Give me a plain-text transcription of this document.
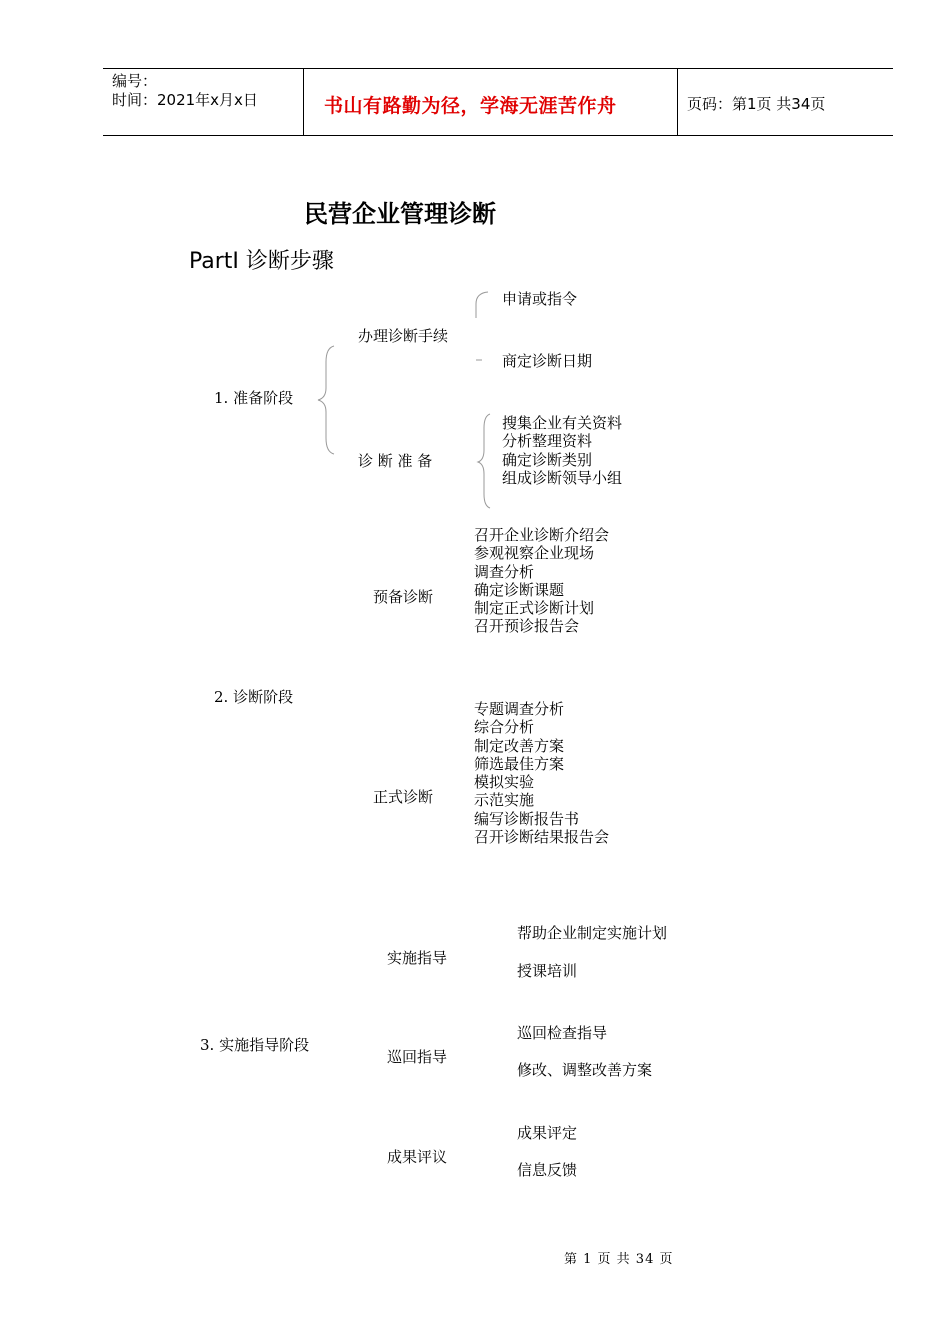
编号：
时间：2021年x月x日	书山有路勤为径，学海无涯苦作舟	页码：第1页 共34页
民营企业管理诊断
PartⅠ 诊断步骤
1. 准备阶段
办理诊断手续
申请或指令
商定诊断日期
诊 断 准 备
搜集企业有关资料
分析整理资料
确定诊断类别
组成诊断领导小组
2. 诊断阶段
预备诊断
召开企业诊断介绍会
参观视察企业现场
调查分析
确定诊断课题
制定正式诊断计划
召开预诊报告会
正式诊断
专题调查分析
综合分析
制定改善方案
筛选最佳方案
模拟实验
示范实施
编写诊断报告书
召开诊断结果报告会
3. 实施指导阶段
实施指导
帮助企业制定实施计划
授课培训
巡回指导
巡回检查指导
修改、调整改善方案
成果评议
成果评定
信息反馈
第 1 页 共 34 页
